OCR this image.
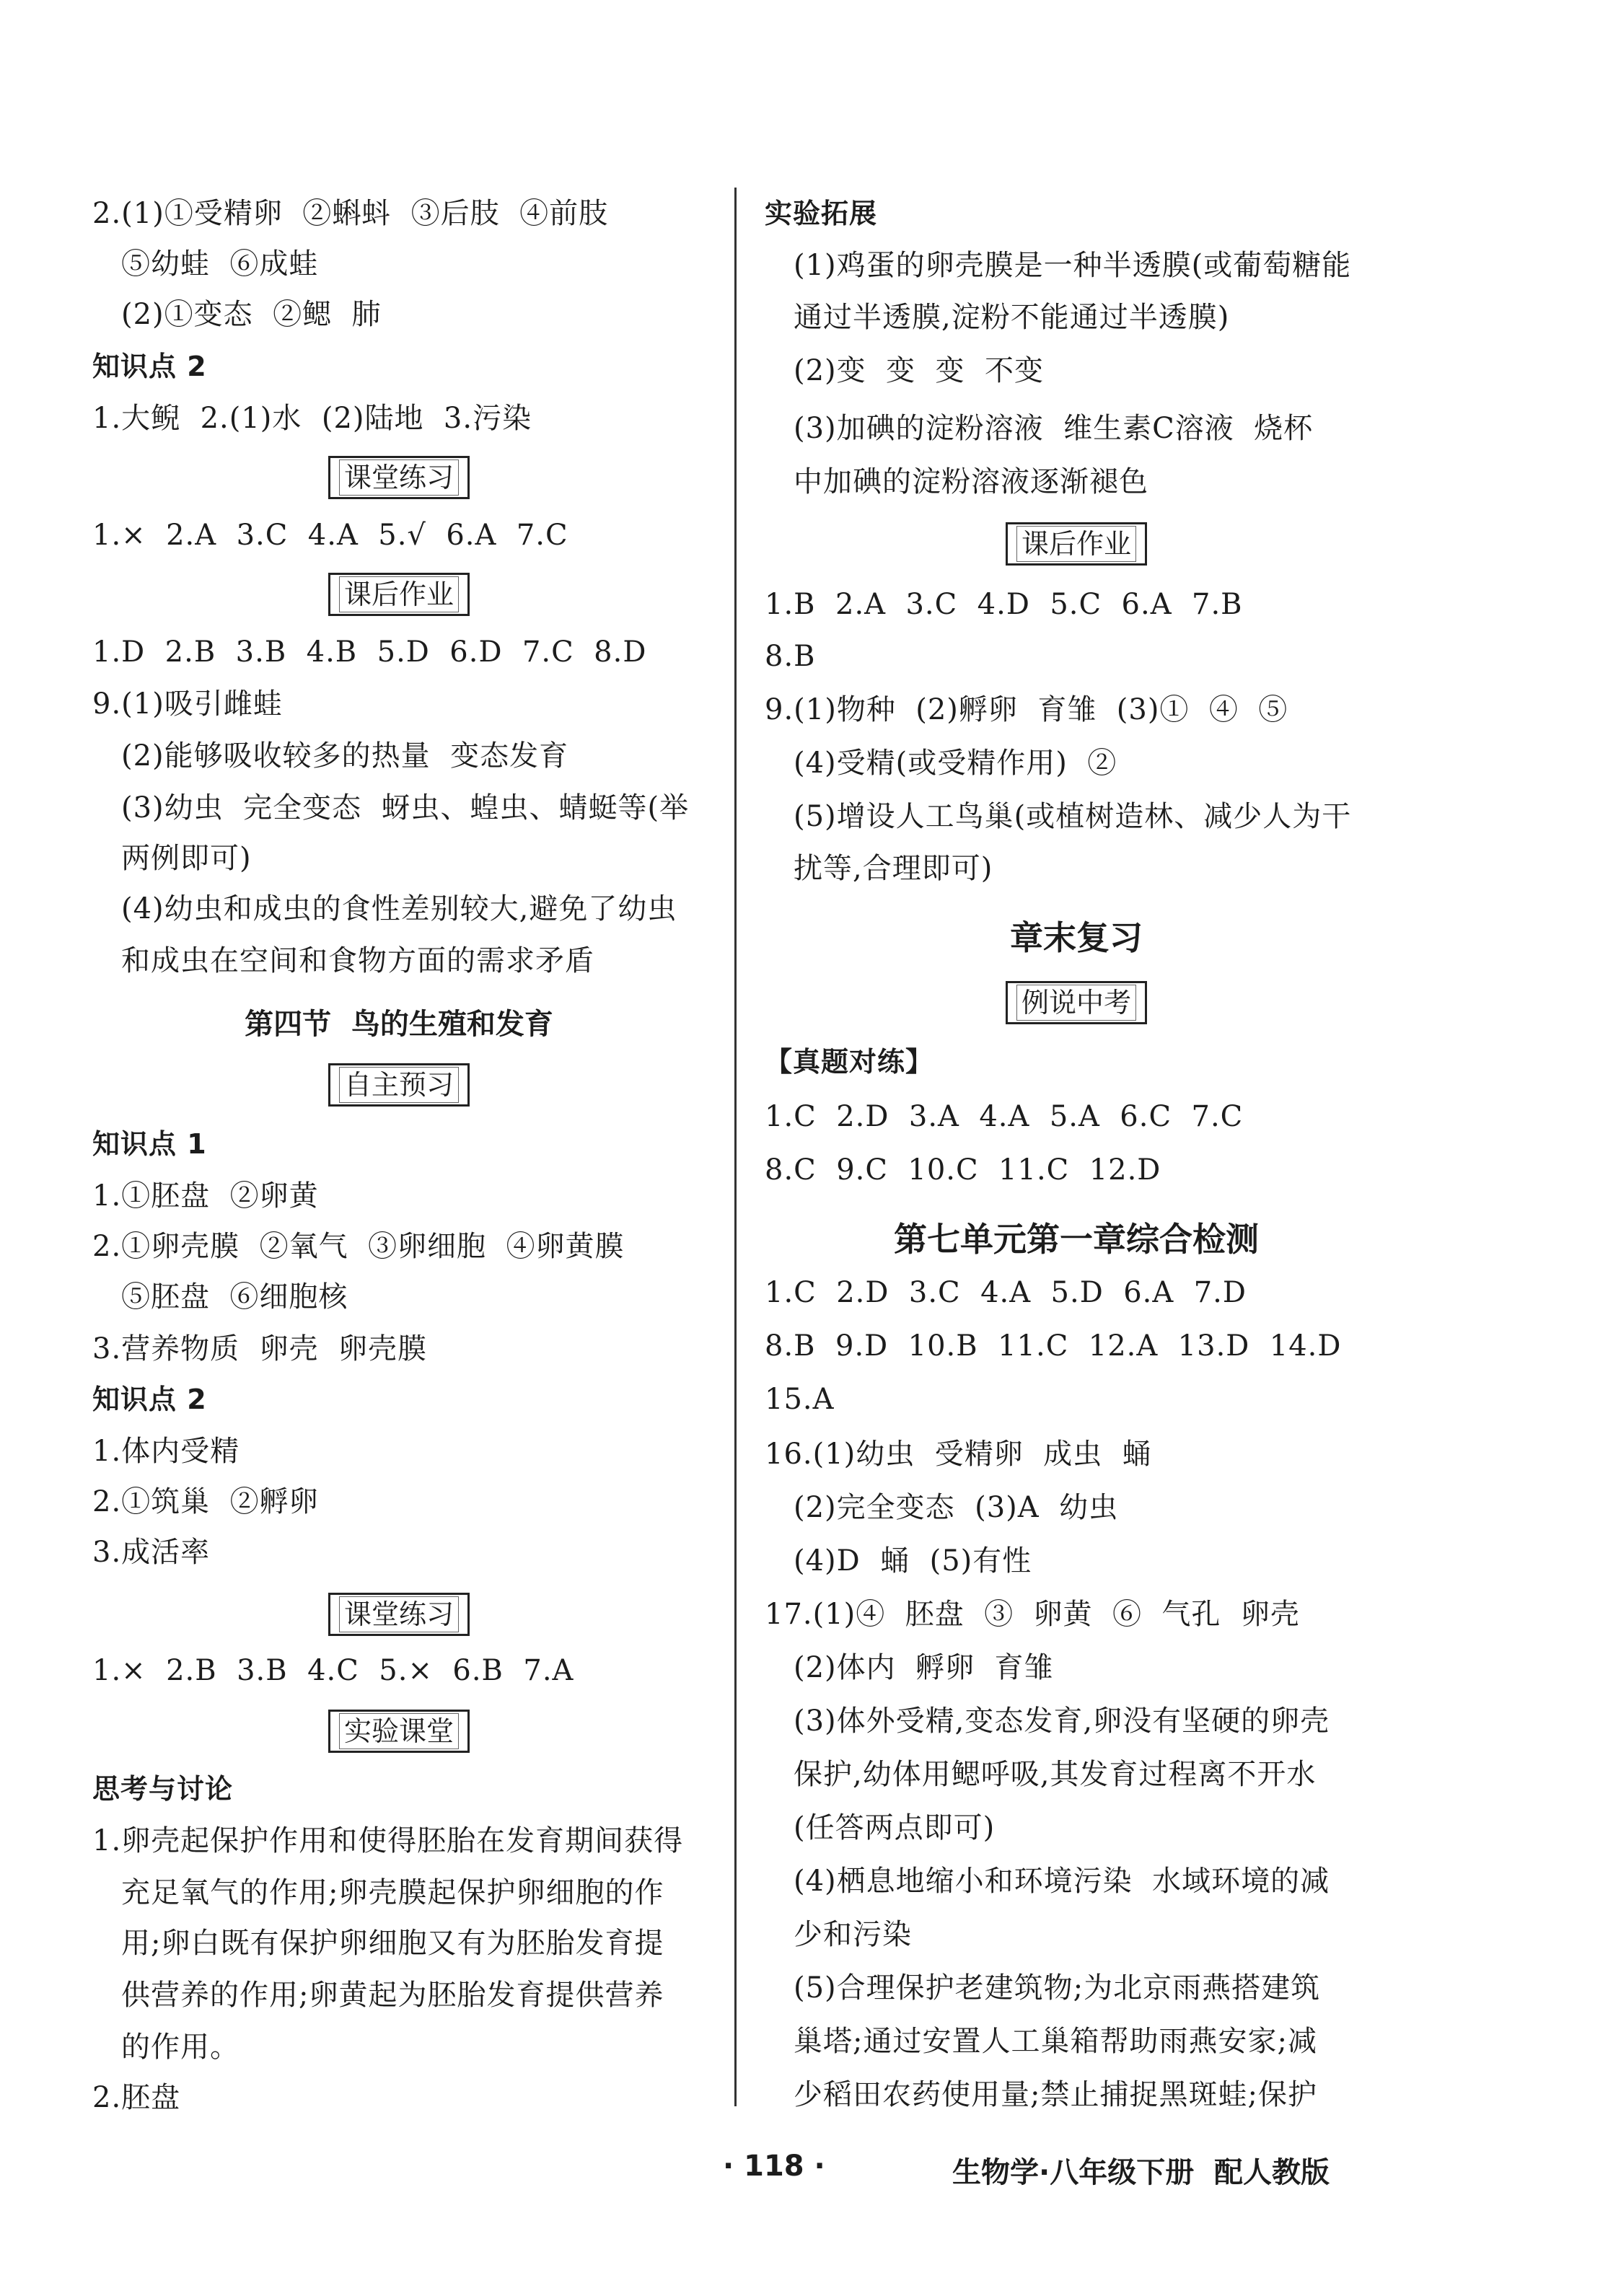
2.(1)①受精卵  ②蝌蚪  ③后肢  ④前肢
⑤幼蛙  ⑥成蛙
(2)①变态  ②鳃  肺
知识点 2
1.大鲵  2.(1)水  (2)陆地  3.污染
课堂练习
1.×  2.A  3.C  4.A  5.√  6.A  7.C
课后作业
1.D  2.B  3.B  4.B  5.D  6.D  7.C  8.D
9.(1)吸引雌蛙
(2)能够吸收较多的热量  变态发育
(3)幼虫  完全变态  蚜虫、蝗虫、蜻蜓等(举
两例即可)
(4)幼虫和成虫的食性差别较大,避免了幼虫
和成虫在空间和食物方面的需求矛盾
第四节  鸟的生殖和发育
自主预习
知识点 1
1.①胚盘  ②卵黄
2.①卵壳膜  ②氧气  ③卵细胞  ④卵黄膜
⑤胚盘  ⑥细胞核
3.营养物质  卵壳  卵壳膜
知识点 2
1.体内受精
2.①筑巢  ②孵卵
3.成活率
课堂练习
1.×  2.B  3.B  4.C  5.×  6.B  7.A
实验课堂
思考与讨论
1.卵壳起保护作用和使得胚胎在发育期间获得
充足氧气的作用;卵壳膜起保护卵细胞的作
用;卵白既有保护卵细胞又有为胚胎发育提
供营养的作用;卵黄起为胚胎发育提供营养
的作用。
2.胚盘
实验拓展
(1)鸡蛋的卵壳膜是一种半透膜(或葡萄糖能
通过半透膜,淀粉不能通过半透膜)
(2)变  变  变  不变
(3)加碘的淀粉溶液  维生素C溶液  烧杯
中加碘的淀粉溶液逐渐褪色
课后作业
1.B  2.A  3.C  4.D  5.C  6.A  7.B
8.B
9.(1)物种  (2)孵卵  育雏  (3)①  ④  ⑤
(4)受精(或受精作用)  ②
(5)增设人工鸟巢(或植树造林、减少人为干
扰等,合理即可)
章末复习
例说中考
【真题对练】
1.C  2.D  3.A  4.A  5.A  6.C  7.C
8.C  9.C  10.C  11.C  12.D
第七单元第一章综合检测
1.C  2.D  3.C  4.A  5.D  6.A  7.D
8.B  9.D  10.B  11.C  12.A  13.D  14.D
15.A
16.(1)幼虫  受精卵  成虫  蛹
(2)完全变态  (3)A  幼虫
(4)D  蛹  (5)有性
17.(1)④  胚盘  ③  卵黄  ⑥  气孔  卵壳
(2)体内  孵卵  育雏
(3)体外受精,变态发育,卵没有坚硬的卵壳
保护,幼体用鳃呼吸,其发育过程离不开水
(任答两点即可)
(4)栖息地缩小和环境污染  水域环境的减
少和污染
(5)合理保护老建筑物;为北京雨燕搭建筑
巢塔;通过安置人工巢箱帮助雨燕安家;减
少稻田农药使用量;禁止捕捉黑斑蛙;保护
· 118 ·	生物学·八年级下册  配人教版
